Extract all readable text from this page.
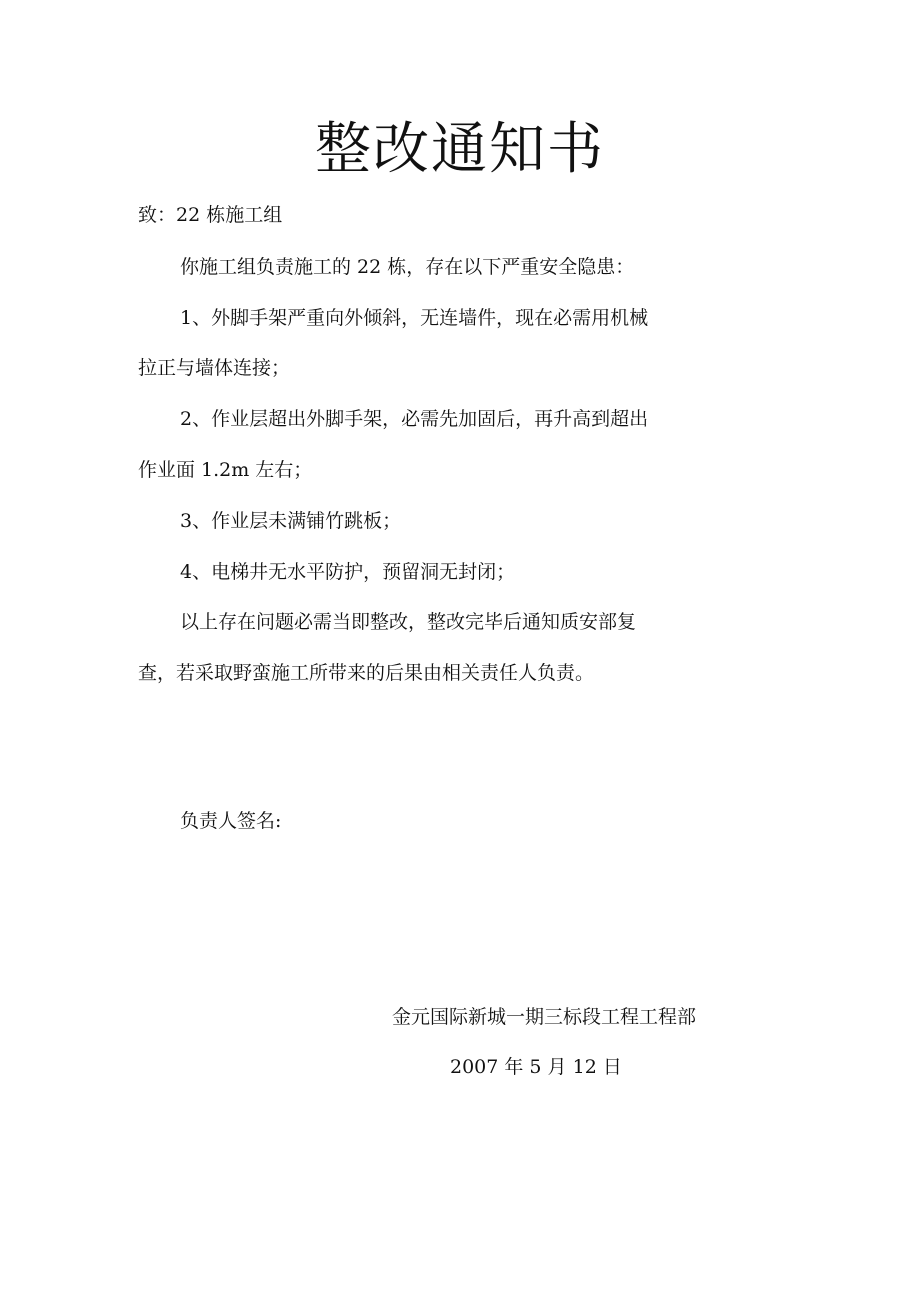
整改通知书
致：22 栋施工组
你施工组负责施工的 22 栋，存在以下严重安全隐患：
1、外脚手架严重向外倾斜，无连墙件，现在必需用机械
拉正与墙体连接；
2、作业层超出外脚手架，必需先加固后，再升高到超出
作业面 1.2m 左右；
3、作业层未满铺竹跳板；
4、电梯井无水平防护，预留洞无封闭；
以上存在问题必需当即整改，整改完毕后通知质安部复
查，若采取野蛮施工所带来的后果由相关责任人负责。
负责人签名:
金元国际新城一期三标段工程工程部
2007 年 5 月 12 日
